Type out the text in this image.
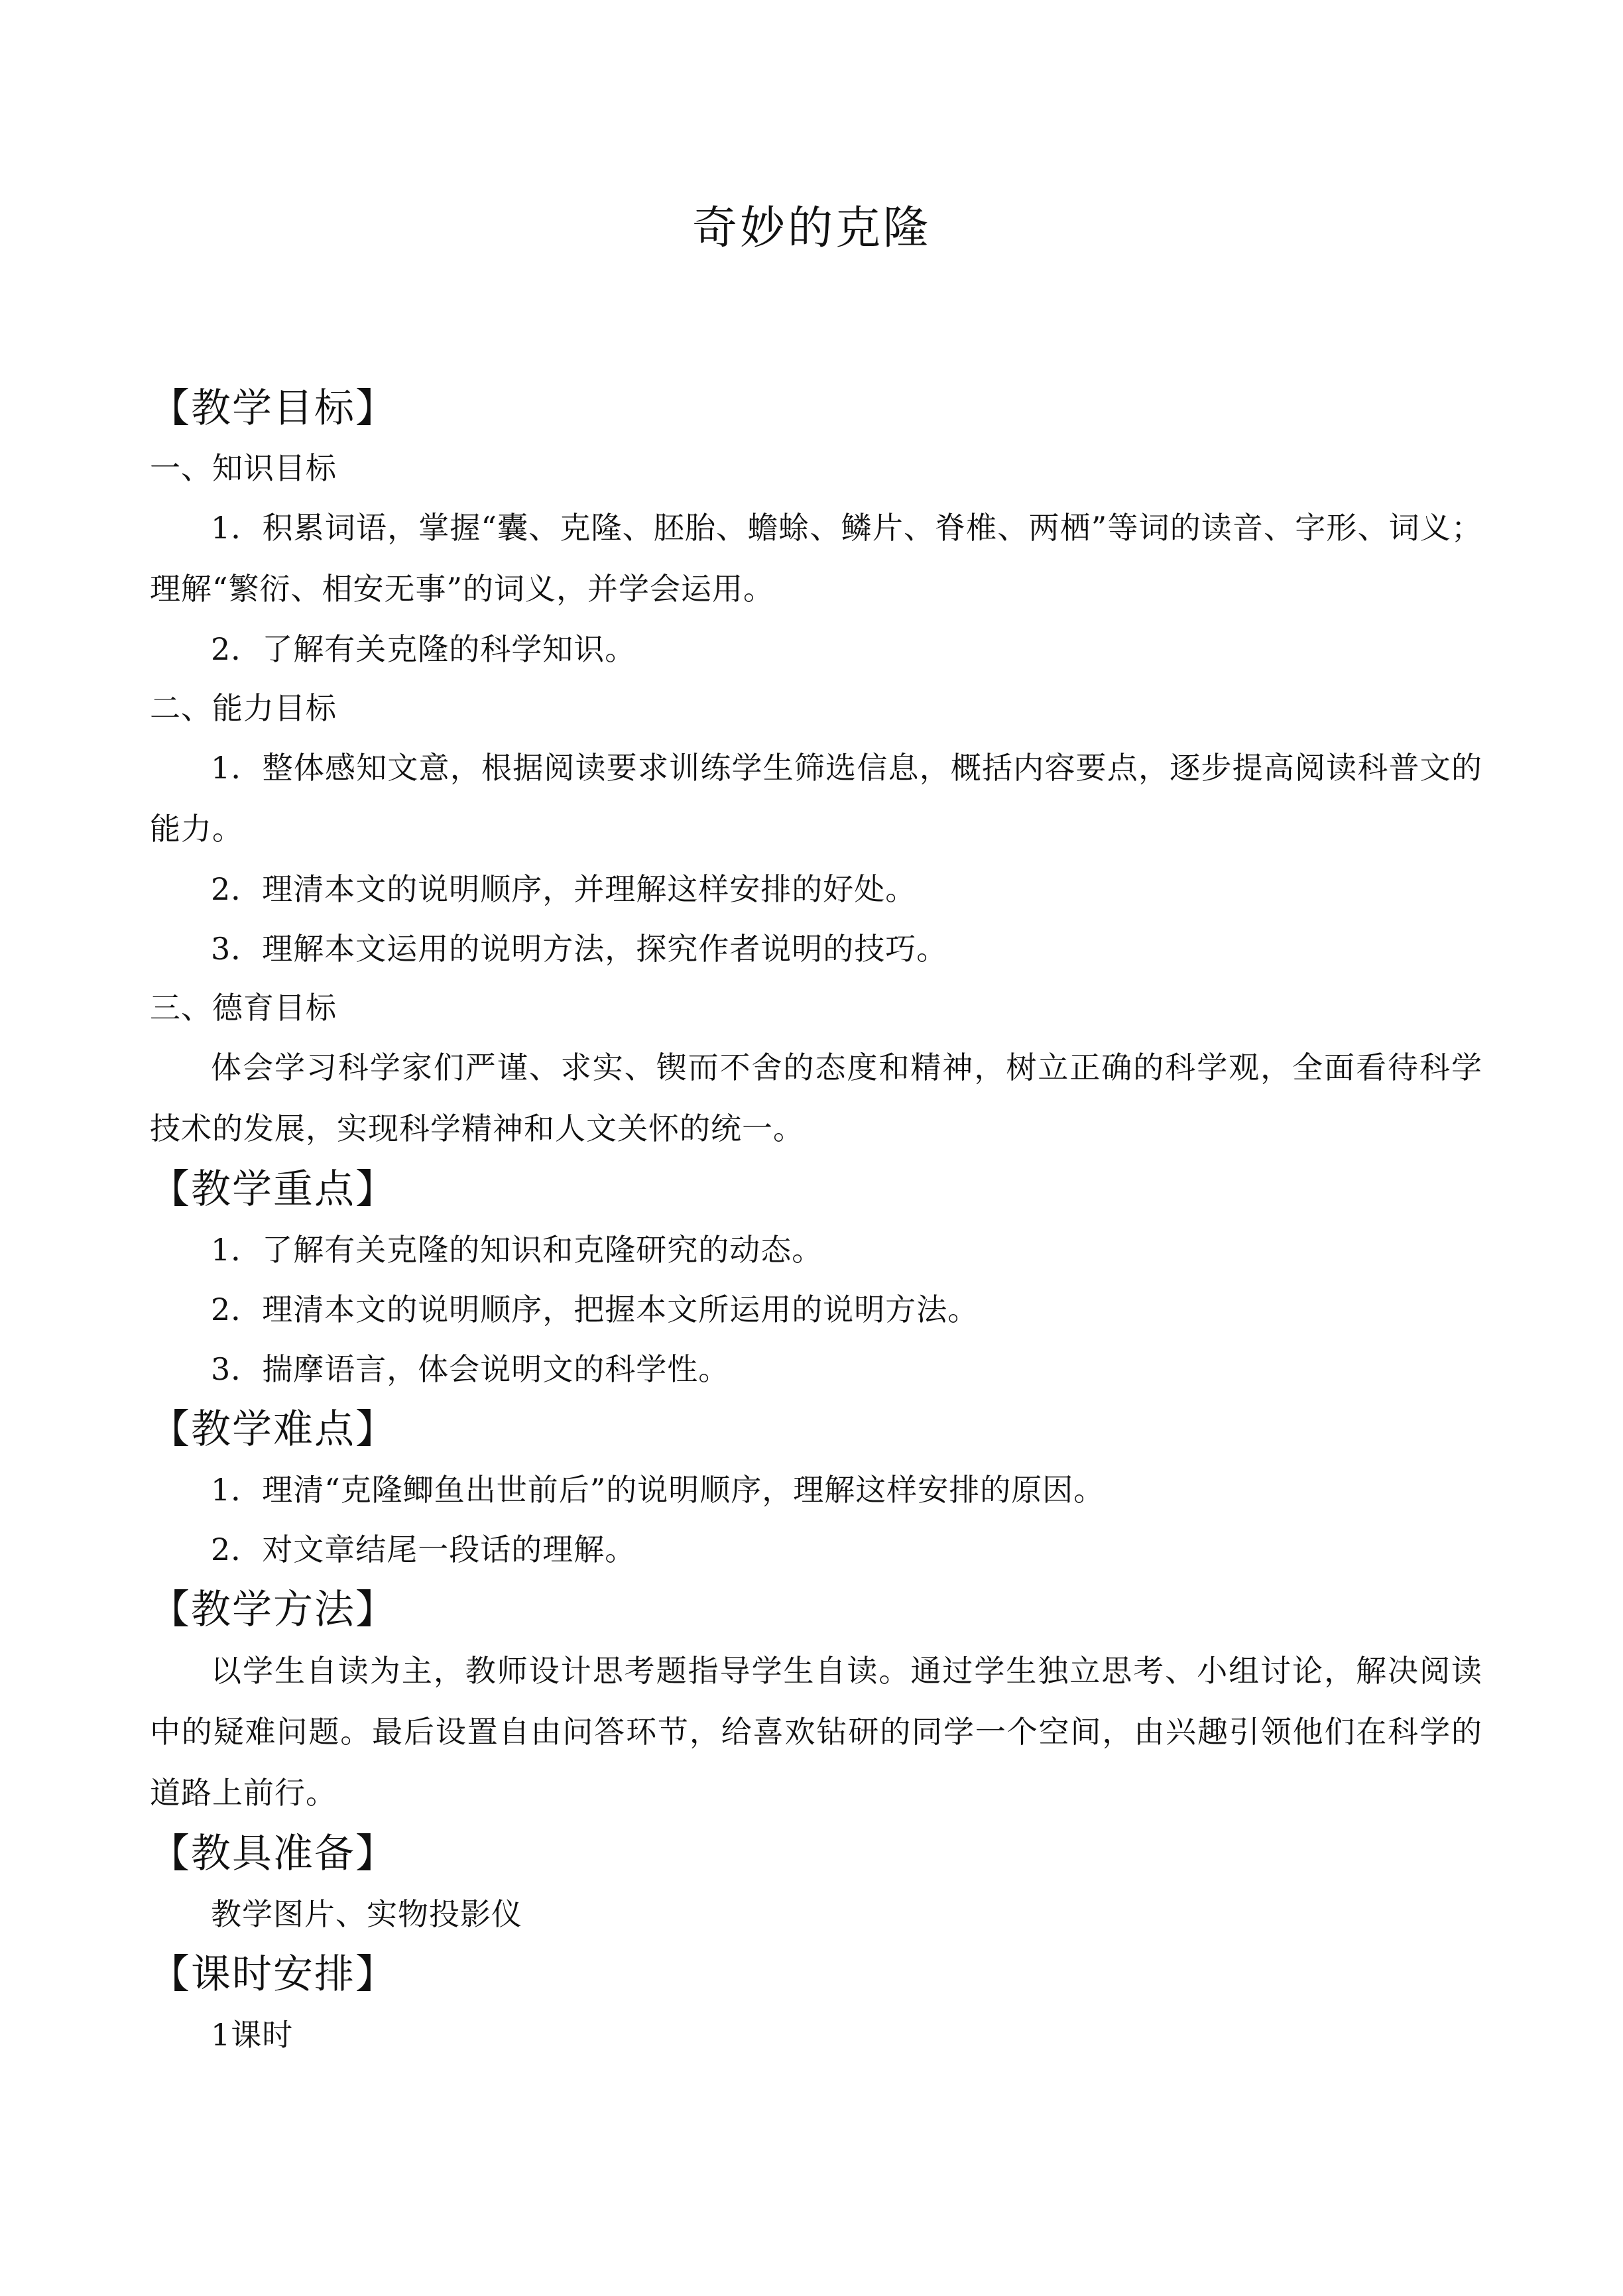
奇妙的克隆
【教学目标】
一、知识目标

1．积累词语，掌握“囊、克隆、胚胎、蟾蜍、鳞片、脊椎、两栖”等词的读音、字形、词义；理解“繁衍、相安无事”的词义，并学会运用。

2．了解有关克隆的科学知识。

二、能力目标

1．整体感知文意，根据阅读要求训练学生筛选信息，概括内容要点，逐步提高阅读科普文的能力。

2．理清本文的说明顺序，并理解这样安排的好处。

3．理解本文运用的说明方法，探究作者说明的技巧。

三、德育目标

体会学习科学家们严谨、求实、锲而不舍的态度和精神，树立正确的科学观，全面看待科学技术的发展，实现科学精神和人文关怀的统一。

【教学重点】

1．了解有关克隆的知识和克隆研究的动态。

2．理清本文的说明顺序，把握本文所运用的说明方法。

3．揣摩语言，体会说明文的科学性。

【教学难点】

1．理清“克隆鲫鱼出世前后”的说明顺序，理解这样安排的原因。

2．对文章结尾一段话的理解。

【教学方法】

以学生自读为主，教师设计思考题指导学生自读。通过学生独立思考、小组讨论，解决阅读中的疑难问题。最后设置自由问答环节，给喜欢钻研的同学一个空间，由兴趣引领他们在科学的道路上前行。

【教具准备】

教学图片、实物投影仪

【课时安排】

1课时
